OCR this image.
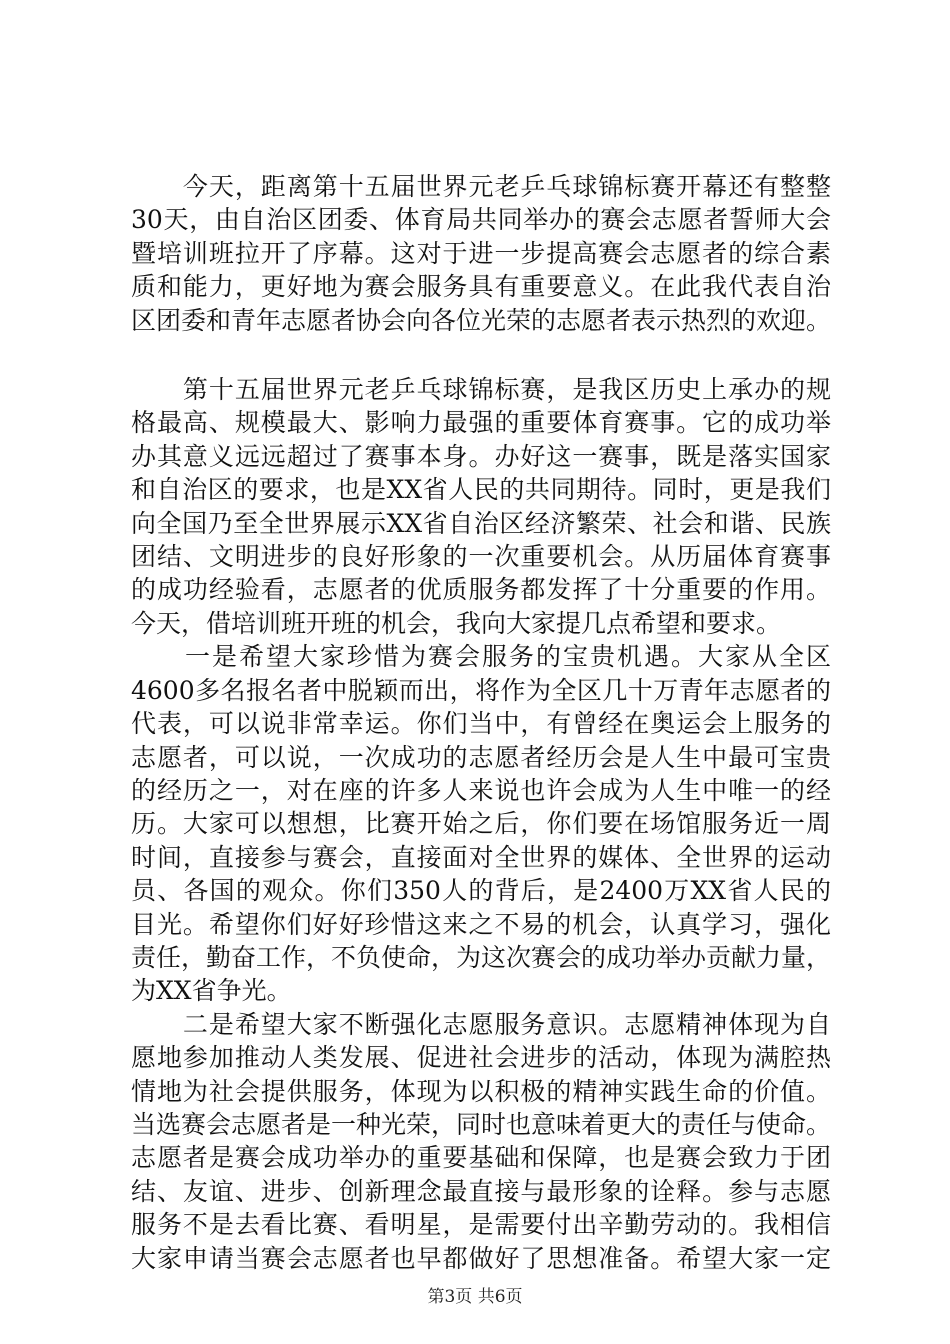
　　今天，距离第十五届世界元老乒乓球锦标赛开幕还有整整
30天，由自治区团委、体育局共同举办的赛会志愿者誓师大会
暨培训班拉开了序幕。这对于进一步提高赛会志愿者的综合素
质和能力，更好地为赛会服务具有重要意义。在此我代表自治
区团委和青年志愿者协会向各位光荣的志愿者表示热烈的欢迎。

　　第十五届世界元老乒乓球锦标赛，是我区历史上承办的规
格最高、规模最大、影响力最强的重要体育赛事。它的成功举
办其意义远远超过了赛事本身。办好这一赛事，既是落实国家
和自治区的要求，也是XX省人民的共同期待。同时，更是我们
向全国乃至全世界展示XX省自治区经济繁荣、社会和谐、民族
团结、文明进步的良好形象的一次重要机会。从历届体育赛事
的成功经验看，志愿者的优质服务都发挥了十分重要的作用。
今天，借培训班开班的机会，我向大家提几点希望和要求。

　　一是希望大家珍惜为赛会服务的宝贵机遇。大家从全区
4600多名报名者中脱颖而出，将作为全区几十万青年志愿者的
代表，可以说非常幸运。你们当中，有曾经在奥运会上服务的
志愿者，可以说，一次成功的志愿者经历会是人生中最可宝贵
的经历之一，对在座的许多人来说也许会成为人生中唯一的经
历。大家可以想想，比赛开始之后，你们要在场馆服务近一周
时间，直接参与赛会，直接面对全世界的媒体、全世界的运动
员、各国的观众。你们350人的背后，是2400万XX省人民的
目光。希望你们好好珍惜这来之不易的机会，认真学习，强化
责任，勤奋工作，不负使命，为这次赛会的成功举办贡献力量，
为XX省争光。

　　二是希望大家不断强化志愿服务意识。志愿精神体现为自
愿地参加推动人类发展、促进社会进步的活动，体现为满腔热
情地为社会提供服务，体现为以积极的精神实践生命的价值。
当选赛会志愿者是一种光荣，同时也意味着更大的责任与使命。
志愿者是赛会成功举办的重要基础和保障，也是赛会致力于团
结、友谊、进步、创新理念最直接与最形象的诠释。参与志愿
服务不是去看比赛、看明星，是需要付出辛勤劳动的。我相信
大家申请当赛会志愿者也早都做好了思想准备。希望大家一定

第3页 共6页
